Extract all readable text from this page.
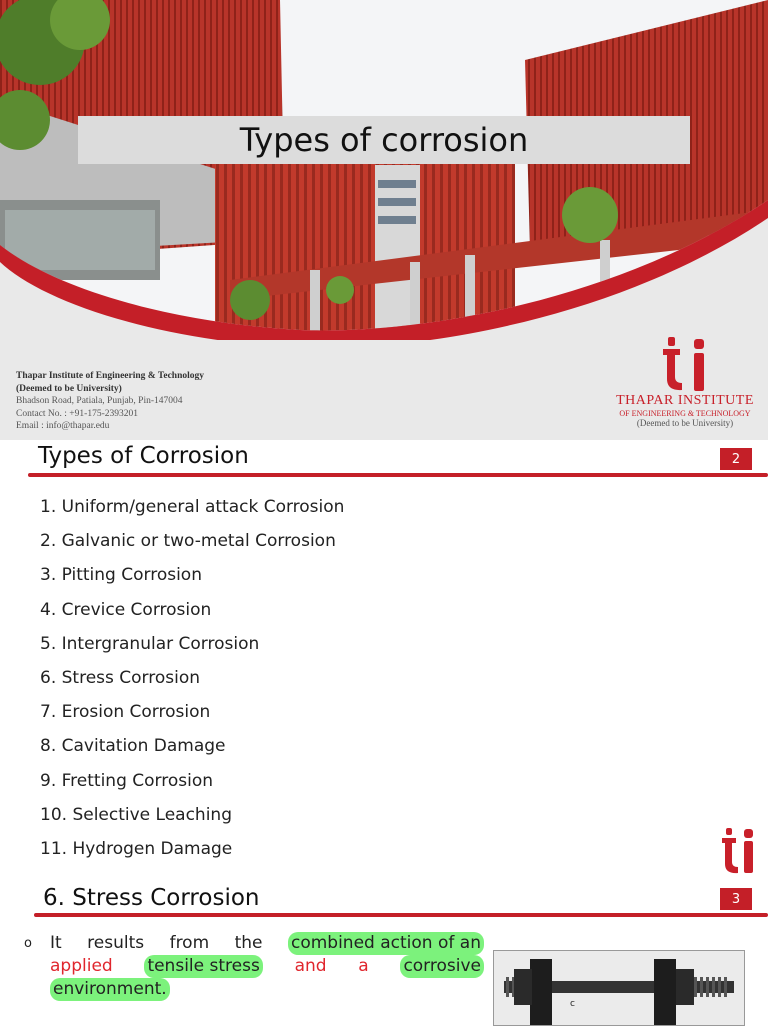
Types of corrosion
Thapar Institute of Engineering & Technology
(Deemed to be University)
Bhadson Road, Patiala, Punjab, Pin-147004
Contact No. : +91-175-2393201
Email : info@thapar.edu
THAPAR INSTITUTE
OF ENGINEERING & TECHNOLOGY
(Deemed to be University)
Types of Corrosion	2
1. Uniform/general attack Corrosion
2. Galvanic or two-metal Corrosion
3. Pitting Corrosion
4. Crevice Corrosion
5. Intergranular Corrosion
6. Stress Corrosion
7. Erosion Corrosion
8. Cavitation Damage
9. Fretting Corrosion
10. Selective Leaching
11. Hydrogen Damage
6. Stress Corrosion	3
o It results from the combined action of an
applied tensile stress and a corrosive
environment.
c
